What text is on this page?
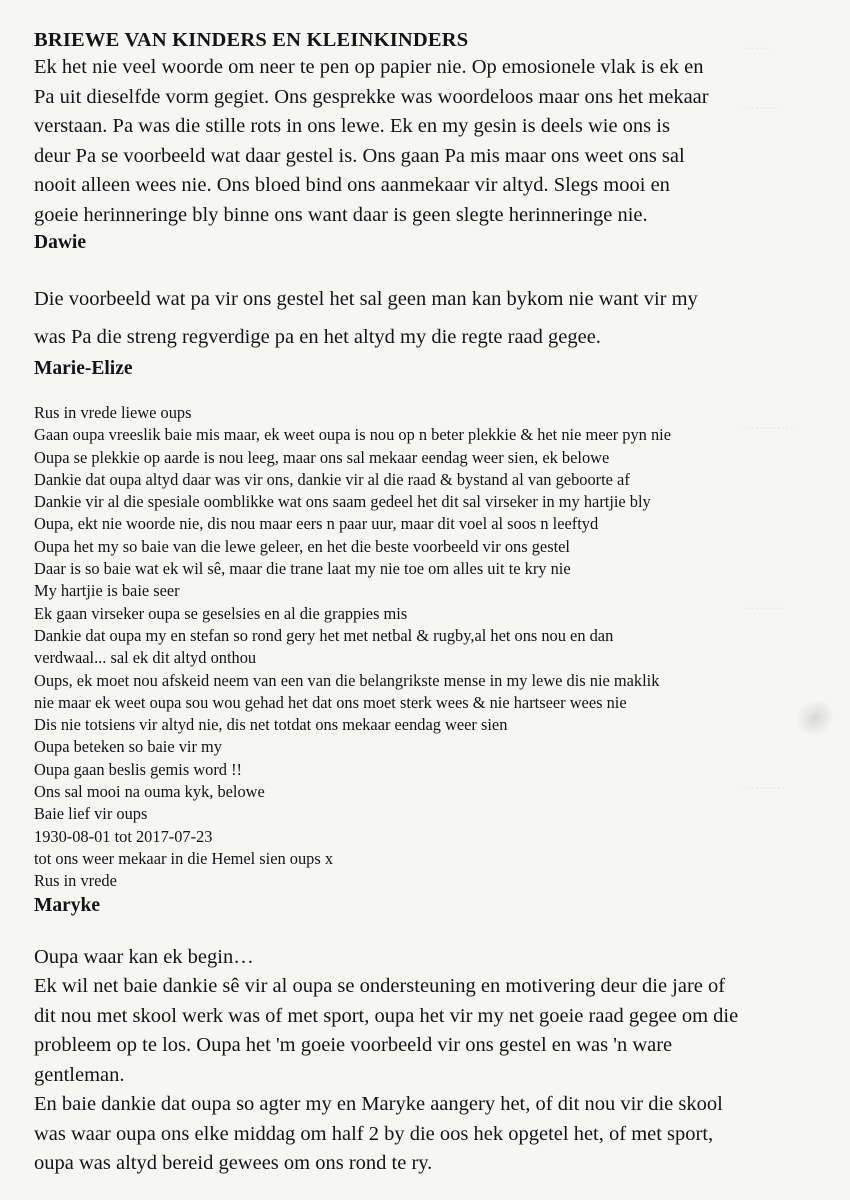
·······
·········
············
··········
··········
BRIEWE VAN KINDERS EN KLEINKINDERS

Ek het nie veel woorde om neer te pen op papier nie. Op emosionele vlak is ek en
Pa uit dieselfde vorm gegiet. Ons gesprekke was woordeloos maar ons het mekaar
verstaan. Pa was die stille rots in ons lewe. Ek en my gesin is deels wie ons is
deur Pa se voorbeeld wat daar gestel is. Ons gaan Pa mis maar ons weet ons sal
nooit alleen wees nie. Ons bloed bind ons aanmekaar vir altyd. Slegs mooi en
goeie herinneringe bly binne ons want daar is geen slegte herinneringe nie.

Dawie

Die voorbeeld wat pa vir ons gestel het sal geen man kan bykom nie want vir my
was Pa die streng regverdige pa en het altyd my die regte raad gegee.

Marie-Elize

Rus in vrede liewe oups
Gaan oupa vreeslik baie mis maar, ek weet oupa is nou op n beter plekkie & het nie meer pyn nie
Oupa se plekkie op aarde is nou leeg, maar ons sal mekaar eendag weer sien, ek belowe
Dankie dat oupa altyd daar was vir ons, dankie vir al die raad & bystand al van geboorte af
Dankie vir al die spesiale oomblikke wat ons saam gedeel het dit sal virseker in my hartjie bly
Oupa, ekt nie woorde nie, dis nou maar eers n paar uur, maar dit voel al soos n leeftyd
Oupa het my so baie van die lewe geleer, en het die beste voorbeeld vir ons gestel
Daar is so baie wat ek wil sê, maar die trane laat my nie toe om alles uit te kry nie
My hartjie is baie seer
Ek gaan virseker oupa se geselsies en al die grappies mis
Dankie dat oupa my en stefan so rond gery het met netbal & rugby,al het ons nou en dan
verdwaal... sal ek dit altyd onthou
Oups, ek moet nou afskeid neem van een van die belangrikste mense in my lewe dis nie maklik
nie maar ek weet oupa sou wou gehad het dat ons moet sterk wees & nie hartseer wees nie
Dis nie totsiens vir altyd nie, dis net totdat ons mekaar eendag weer sien
Oupa beteken so baie vir my
Oupa gaan beslis gemis word !!
Ons sal mooi na ouma kyk, belowe
Baie lief vir oups
1930-08-01 tot 2017-07-23
tot ons weer mekaar in die Hemel sien oups x
Rus in vrede

Maryke

Oupa waar kan ek begin…
Ek wil net baie dankie sê vir al oupa se ondersteuning en motivering deur die jare of
dit nou met skool werk was of met sport, oupa het vir my net goeie raad gegee om die
probleem op te los. Oupa het 'm goeie voorbeeld vir ons gestel en was 'n ware
gentleman.
En baie dankie dat oupa so agter my en Maryke aangery het, of dit nou vir die skool
was waar oupa ons elke middag om half 2 by die oos hek opgetel het, of met sport,
oupa was altyd bereid gewees om ons rond te ry.
